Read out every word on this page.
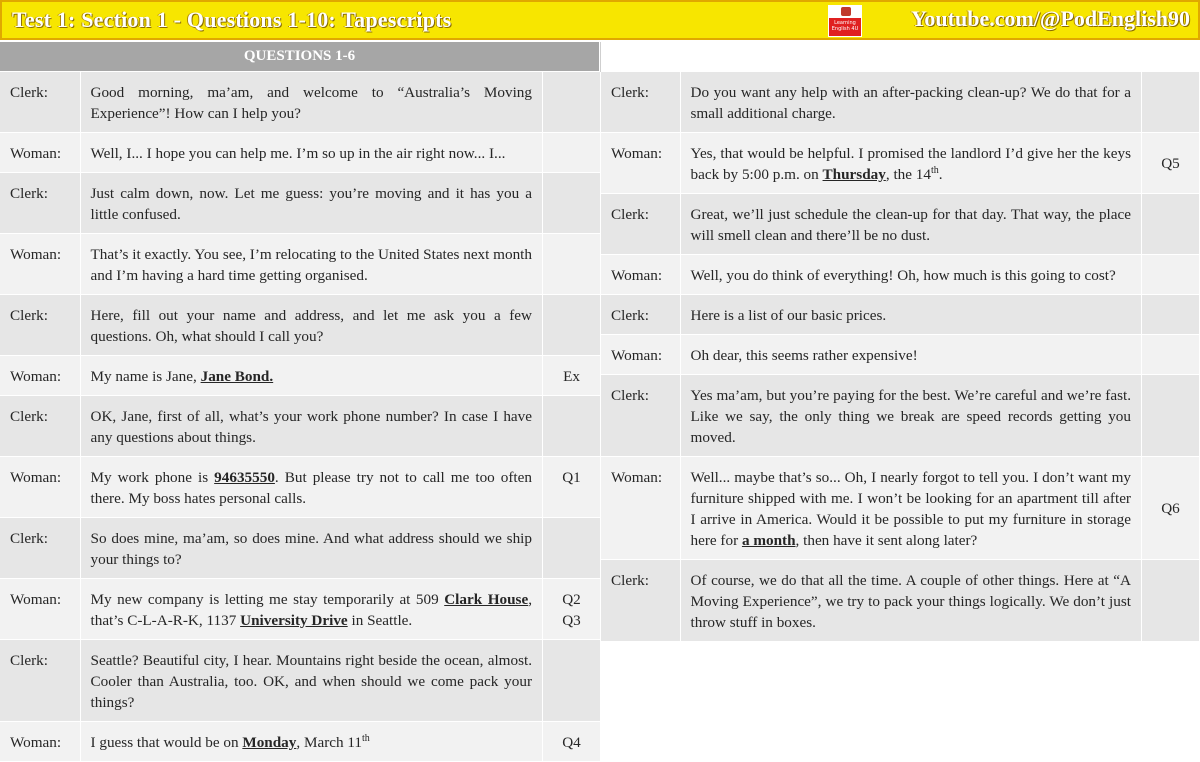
Test 1: Section 1 - Questions 1-10: Tapescripts	Learning English 4U Youtube.com/@PodEnglish90
QUESTIONS 1-6
Clerk:	Good morning, ma’am, and welcome to “Australia’s Moving Experience”! How can I help you?	
Woman:	Well, I... I hope you can help me. I’m so up in the air right now... I...	
Clerk:	Just calm down, now. Let me guess: you’re moving and it has you a little confused.	
Woman:	That’s it exactly. You see, I’m relocating to the United States next month and I’m having a hard time getting organised.	
Clerk:	Here, fill out your name and address, and let me ask you a few questions. Oh, what should I call you?	
Woman:	My name is Jane, Jane Bond.	Ex
Clerk:	OK, Jane, first of all, what’s your work phone number? In case I have any questions about things.	
Woman:	My work phone is 94635550. But please try not to call me too often there. My boss hates personal calls.	Q1
Clerk:	So does mine, ma’am, so does mine. And what address should we ship your things to?	
Woman:	My new company is letting me stay temporarily at 509 Clark House, that’s C-L-A-R-K, 1137 University Drive in Seattle.	Q2
Q3
Clerk:	Seattle? Beautiful city, I hear. Mountains right beside the ocean, almost. Cooler than Australia, too. OK, and when should we come pack your things?	
Woman:	I guess that would be on Monday, March 11th	Q4
Clerk:	Do you want any help with an after-packing clean-up? We do that for a small additional charge.	
Woman:	Yes, that would be helpful. I promised the landlord I’d give her the keys back by 5:00 p.m. on Thursday, the 14th.	Q5
Clerk:	Great, we’ll just schedule the clean-up for that day. That way, the place will smell clean and there’ll be no dust.	
Woman:	Well, you do think of everything! Oh, how much is this going to cost?	
Clerk:	Here is a list of our basic prices.	
Woman:	Oh dear, this seems rather expensive!	
Clerk:	Yes ma’am, but you’re paying for the best. We’re careful and we’re fast. Like we say, the only thing we break are speed records getting you moved.	
Woman:	Well... maybe that’s so... Oh, I nearly forgot to tell you. I don’t want my furniture shipped with me. I won’t be looking for an apartment till after I arrive in America. Would it be possible to put my furniture in storage here for a month, then have it sent along later?	Q6
Clerk:	Of course, we do that all the time. A couple of other things. Here at “A Moving Experience”, we try to pack your things logically. We don’t just throw stuff in boxes.	
